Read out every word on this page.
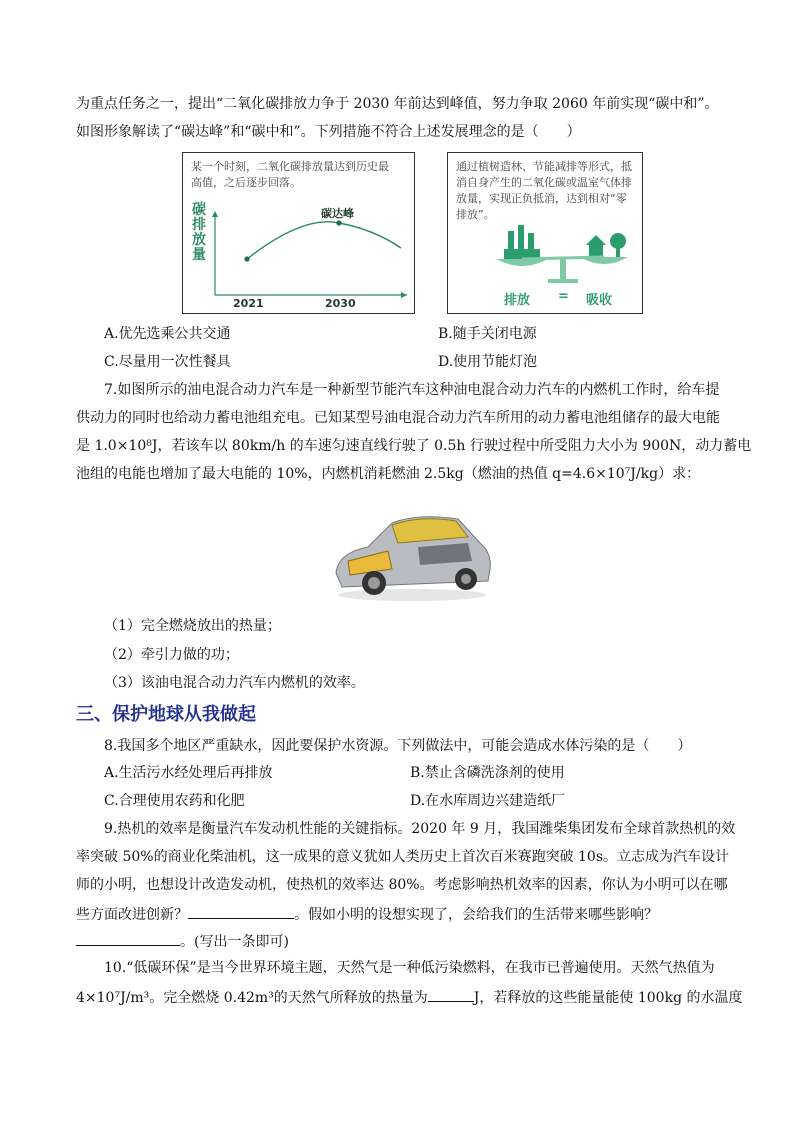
为重点任务之一，提出“二氧化碳排放力争于 2030 年前达到峰值，努力争取 2060 年前实现“碳中和”。
如图形象解读了“碳达峰”和“碳中和”。下列措施不符合上述发展理念的是（　　）
某一个时刻，二氧化碳排放量达到历史最高值，之后逐步回落。
碳排放量
碳达峰
2021	2030
通过植树造林、节能减排等形式，抵消自身产生的二氧化碳或温室气体排放量，实现正负抵消，达到相对“零排放”。
排放 = 吸收
A.优先选乘公共交通	B.随手关闭电源
C.尽量用一次性餐具	D.使用节能灯泡
7.如图所示的油电混合动力汽车是一种新型节能汽车这种油电混合动力汽车的内燃机工作时，给车提
供动力的同时也给动力蓄电池组充电。已知某型号油电混合动力汽车所用的动力蓄电池组储存的最大电能
是 1.0×10⁸J，若该车以 80km/h 的车速匀速直线行驶了 0.5h 行驶过程中所受阻力大小为 900N，动力蓄电
池组的电能也增加了最大电能的 10%，内燃机消耗燃油 2.5kg（燃油的热值 q=4.6×10⁷J/kg）求：
（1）完全燃烧放出的热量；
（2）牵引力做的功；
（3）该油电混合动力汽车内燃机的效率。
三、保护地球从我做起
8.我国多个地区严重缺水，因此要保护水资源。下列做法中，可能会造成水体污染的是（　　）
A.生活污水经处理后再排放	B.禁止含磷洗涤剂的使用
C.合理使用农药和化肥	D.在水库周边兴建造纸厂
9.热机的效率是衡量汽车发动机性能的关键指标。2020 年 9 月，我国潍柴集团发布全球首款热机的效
率突破 50%的商业化柴油机，这一成果的意义犹如人类历史上首次百米赛跑突破 10s。立志成为汽车设计
师的小明，也想设计改造发动机，使热机的效率达 80%。考虑影响热机效率的因素，你认为小明可以在哪
些方面改进创新？	。假如小明的设想实现了，会给我们的生活带来哪些影响？
。(写出一条即可)
10.“低碳环保”是当今世界环境主题，天然气是一种低污染燃料，在我市已普遍使用。天然气热值为
4×10⁷J/m³。完全燃烧 0.42m³的天然气所释放的热量为	J，若释放的这些能量能使 100kg 的水温度
